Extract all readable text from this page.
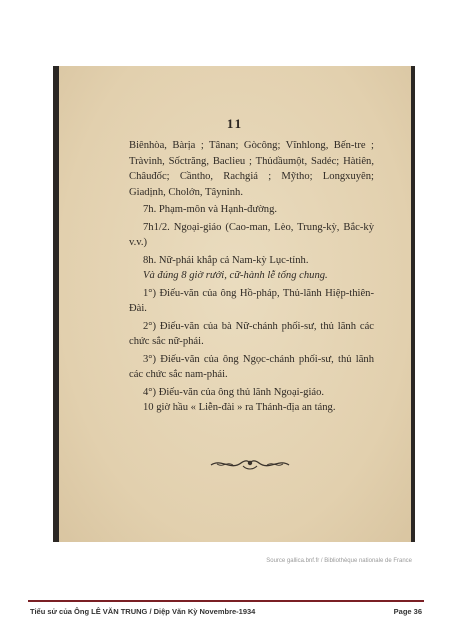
11

Biênhòa, Bàrịa ; Tânan; Gòcông; Vĩnhlong, Bến-tre ; Tràvinh, Sốctrăng, Baclieu ; Thủdầumột, Sadéc; Hàtiên, Châuđốc; Cầntho, Rachgiá ; Mỹtho; Longxuyên; Giadịnh, Cholớn, Tâyninh.

7h. Phạm-môn và Hạnh-đường.

7h1/2. Ngoại-giáo (Cao-man, Lèo, Trung-kỳ, Bắc-kỳ v.v.)

8h. Nữ-phái khắp cả Nam-kỳ Lục-tỉnh.

Và đúng 8 giờ rưởi, cữ-hành lễ tống chung.

1°) Điếu-văn của ông Hồ-pháp, Thủ-lãnh Hiệp-thiên-Đài.

2°) Điếu-văn của bà Nữ-chánh phối-sư, thủ lãnh các chức sắc nữ-phái.

3°) Điếu-văn của ông Ngọc-chánh phối-sư, thủ lãnh các chức sắc nam-phái.

4°) Điếu-văn của ông thủ lãnh Ngoại-giáo.

10 giờ hầu « Liễn-đài » ra Thánh-địa an táng.

Source gallica.bnf.fr / Bibliothèque nationale de France
Tiểu sử của Ông LÊ VĂN TRUNG / Diệp Văn Kỳ Novembre-1934	Page 36
